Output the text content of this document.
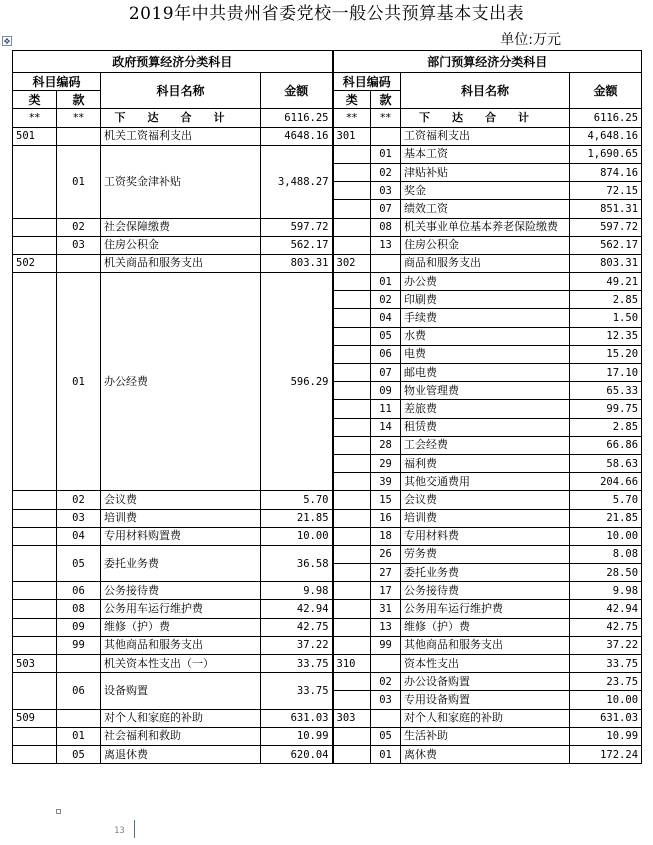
2019年中共贵州省委党校一般公共预算基本支出表
✥	单位:万元
政府预算经济分类科目				部门预算经济分类科目			
科目编码		科目名称	金额	科目编码		科目名称	金额
类	款			类	款		
**	**	下达合计	6116.25	**	**	下达合计	6116.25
501		机关工资福利支出	4648.16	301		工资福利支出	4,648.16
	01	工资奖金津补贴	3,488.27		01	基本工资	1,690.65
					02	津贴补贴	874.16
					03	奖金	72.15
					07	绩效工资	851.31
	02	社会保障缴费	597.72		08	机关事业单位基本养老保险缴费	597.72
	03	住房公积金	562.17		13	住房公积金	562.17
502		机关商品和服务支出	803.31	302		商品和服务支出	803.31
	01	办公经费	596.29		01	办公费	49.21
					02	印刷费	2.85
					04	手续费	1.50
					05	水费	12.35
					06	电费	15.20
					07	邮电费	17.10
					09	物业管理费	65.33
					11	差旅费	99.75
					14	租赁费	2.85
					28	工会经费	66.86
					29	福利费	58.63
					39	其他交通费用	204.66
	02	会议费	5.70		15	会议费	5.70
	03	培训费	21.85		16	培训费	21.85
	04	专用材料购置费	10.00		18	专用材料费	10.00
	05	委托业务费	36.58		26	劳务费	8.08
					27	委托业务费	28.50
	06	公务接待费	9.98		17	公务接待费	9.98
	08	公务用车运行维护费	42.94		31	公务用车运行维护费	42.94
	09	维修（护）费	42.75		13	维修（护）费	42.75
	99	其他商品和服务支出	37.22		99	其他商品和服务支出	37.22
503		机关资本性支出（一）	33.75	310		资本性支出	33.75
	06	设备购置	33.75		02	办公设备购置	23.75
					03	专用设备购置	10.00
509		对个人和家庭的补助	631.03	303		对个人和家庭的补助	631.03
	01	社会福利和救助	10.99		05	生活补助	10.99
	05	离退休费	620.04		01	离休费	172.24
13
